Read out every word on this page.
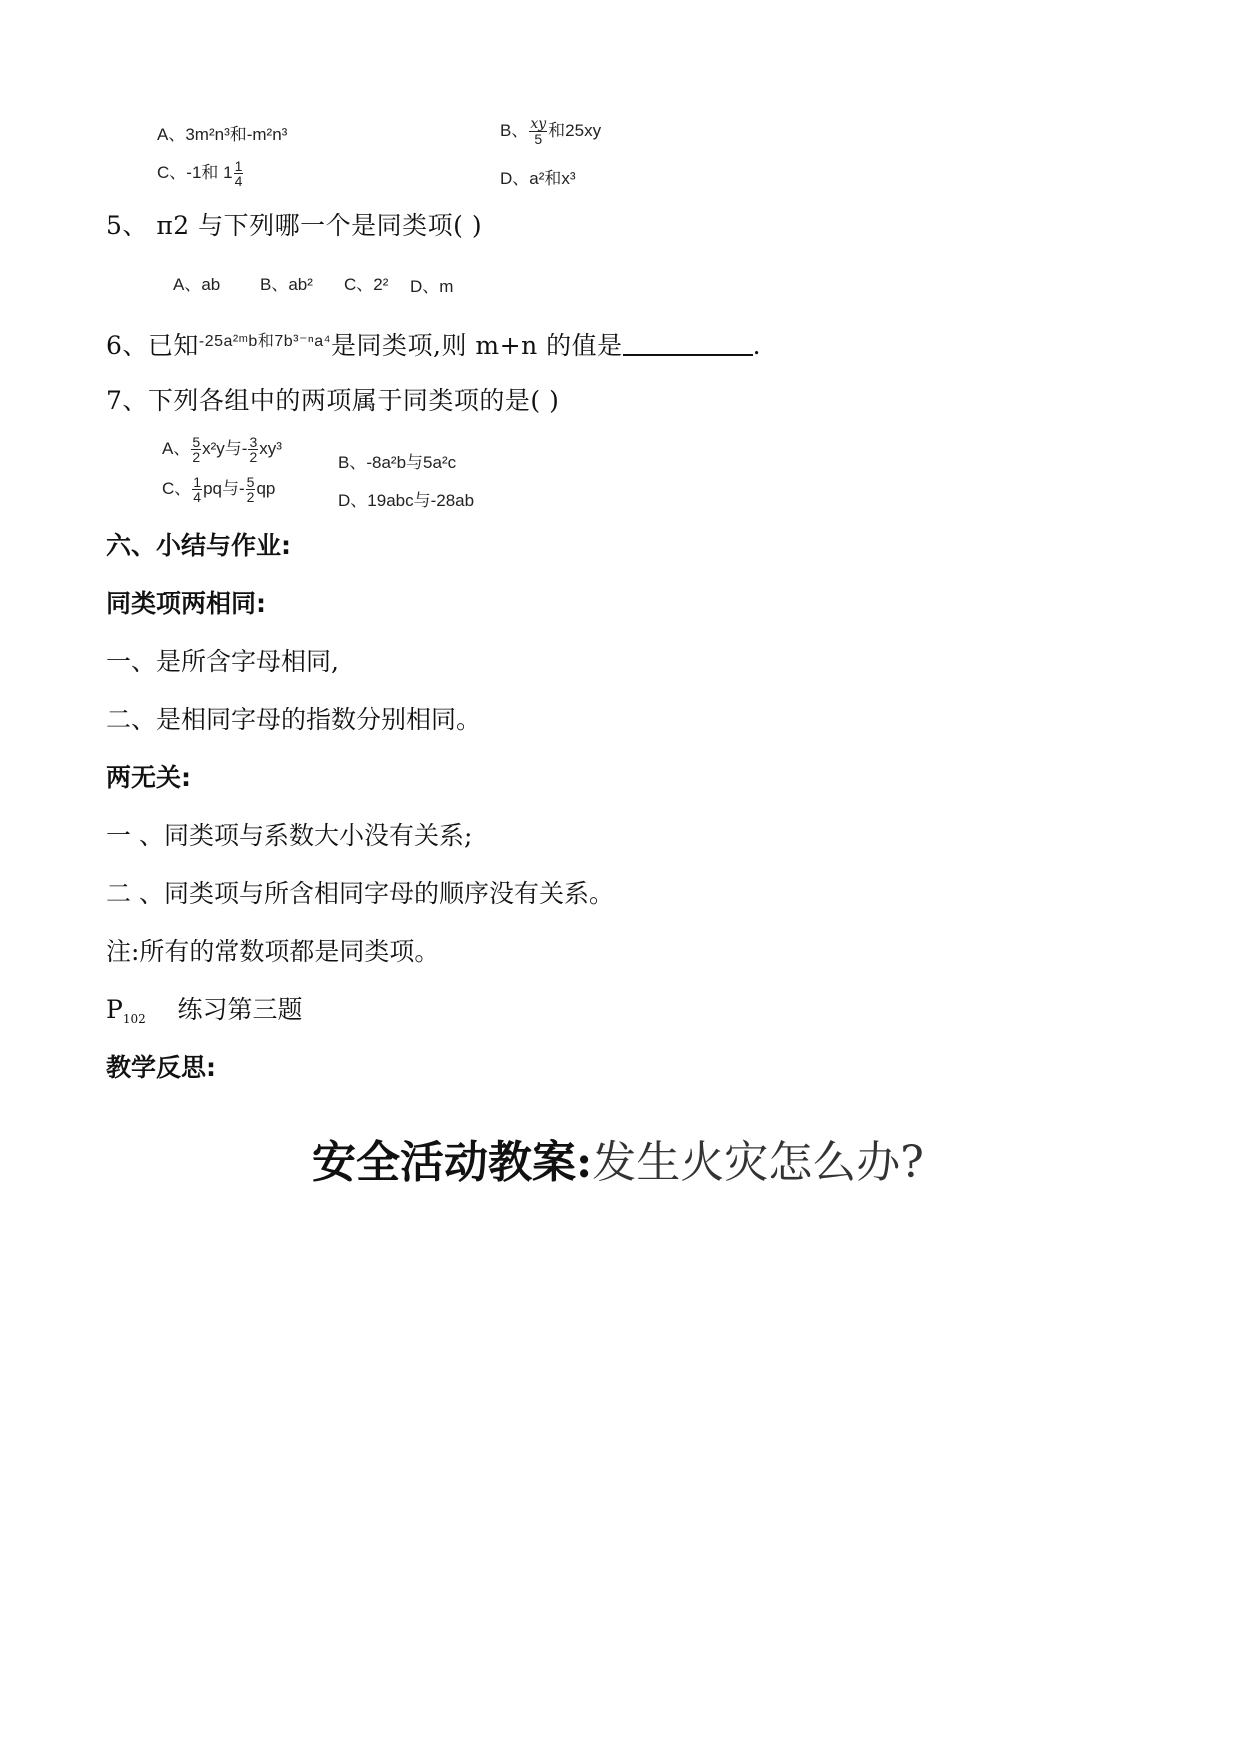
A、3m²n³和-m²n³	B、 $\frac{xy}{5}$ 和25xy
C、-1和 $1 \frac{1}{4}$	D、a²和x³
5、 π2 与下列哪一个是同类项( )
A、ab B、ab² C、2² D、m
6、已知-25a²ᵐb和7b³⁻ⁿa⁴是同类项,则 m+n 的值是	.
7、下列各组中的两项属于同类项的是( )
A、 $\frac{5}{2} x^2y$与- $\frac{3}{2} xy^3$
B、-8a²b与5a²c
C、 $\frac{1}{4}$ pq与- $\frac{5}{2}$ qp
D、19abc与-28ab
六、小结与作业:
同类项两相同:
一、是所含字母相同,
二、是相同字母的指数分别相同。
两无关:
一 、同类项与系数大小没有关系;
二 、同类项与所含相同字母的顺序没有关系。
注:所有的常数项都是同类项。
$P_{102}$ 练习第三题
教学反思:
安全活动教案:发生火灾怎么办?
